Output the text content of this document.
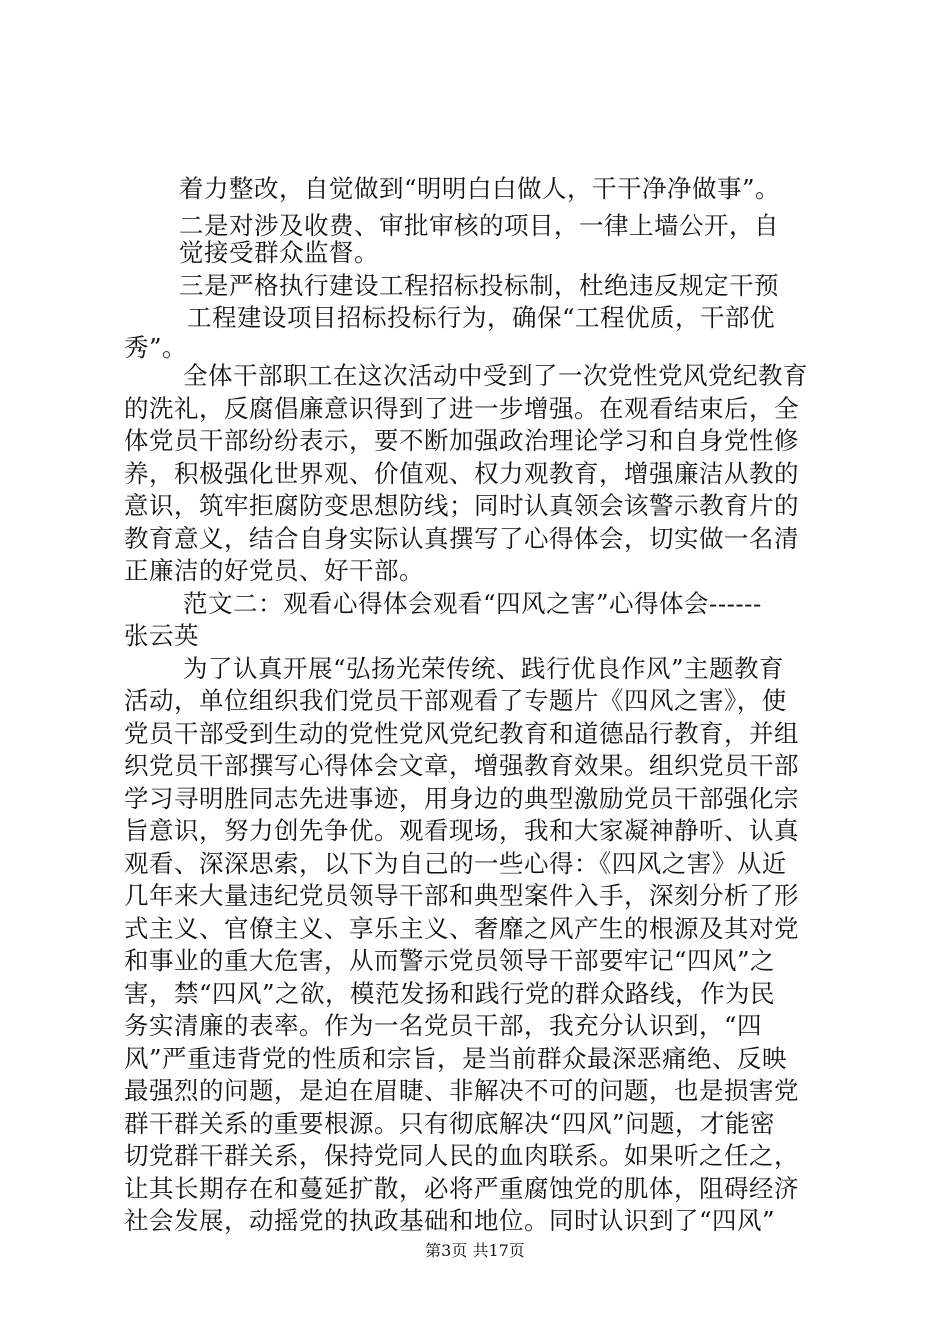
着力整改，自觉做到“明明白白做人，干干净净做事”。

二是对涉及收费、审批审核的项目，一律上墙公开，自

觉接受群众监督。

三是严格执行建设工程招标投标制，杜绝违反规定干预

工程建设项目招标投标行为，确保“工程优质，干部优

秀”。

全体干部职工在这次活动中受到了一次党性党风党纪教育

的洗礼，反腐倡廉意识得到了进一步增强。在观看结束后，全

体党员干部纷纷表示，要不断加强政治理论学习和自身党性修

养，积极强化世界观、价值观、权力观教育，增强廉洁从教的

意识，筑牢拒腐防变思想防线；同时认真领会该警示教育片的

教育意义，结合自身实际认真撰写了心得体会，切实做一名清

正廉洁的好党员、好干部。

范文二：观看心得体会观看“四风之害”心得体会------

张云英

为了认真开展“弘扬光荣传统、践行优良作风”主题教育

活动，单位组织我们党员干部观看了专题片《四风之害》，使

党员干部受到生动的党性党风党纪教育和道德品行教育，并组

织党员干部撰写心得体会文章，增强教育效果。组织党员干部

学习寻明胜同志先进事迹，用身边的典型激励党员干部强化宗

旨意识，努力创先争优。观看现场，我和大家凝神静听、认真

观看、深深思索，以下为自己的一些心得：《四风之害》从近

几年来大量违纪党员领导干部和典型案件入手，深刻分析了形

式主义、官僚主义、享乐主义、奢靡之风产生的根源及其对党

和事业的重大危害，从而警示党员领导干部要牢记“四风”之

害，禁“四风”之欲，模范发扬和践行党的群众路线，作为民

务实清廉的表率。作为一名党员干部，我充分认识到，“四

风”严重违背党的性质和宗旨，是当前群众最深恶痛绝、反映

最强烈的问题，是迫在眉睫、非解决不可的问题，也是损害党

群干群关系的重要根源。只有彻底解决“四风”问题，才能密

切党群干群关系，保持党同人民的血肉联系。如果听之任之，

让其长期存在和蔓延扩散，必将严重腐蚀党的肌体，阻碍经济

社会发展，动摇党的执政基础和地位。同时认识到了“四风”

第3页 共17页
